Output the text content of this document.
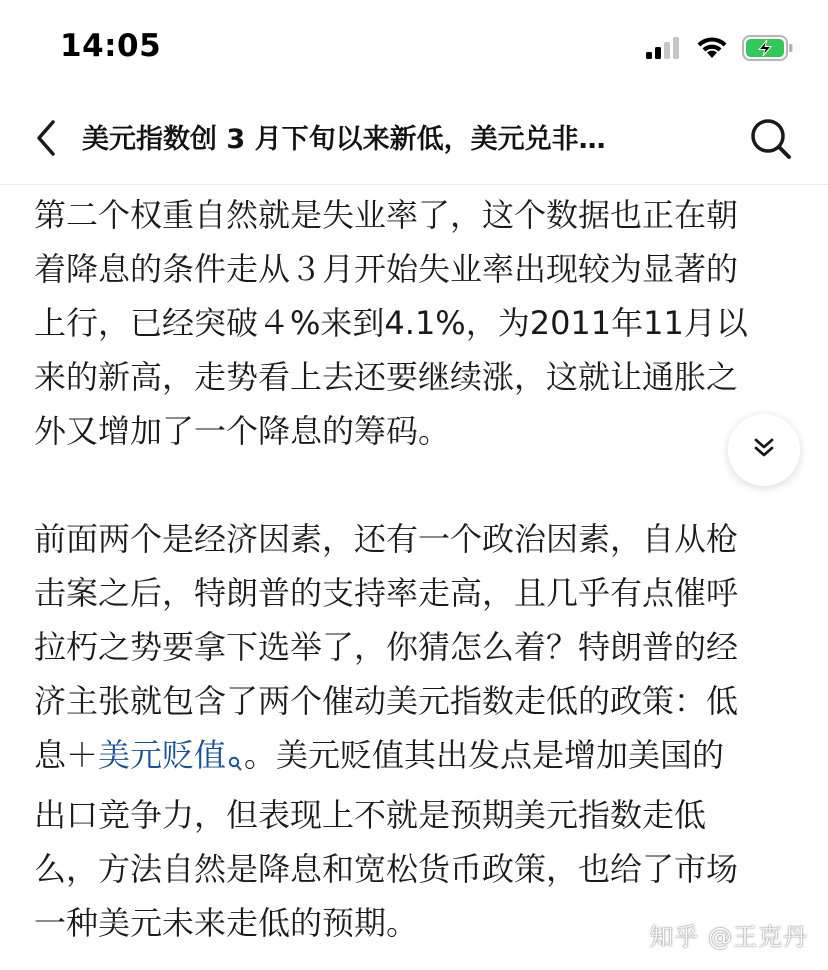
14:05
美元指数创 3 月下旬以来新低，美元兑非…

第二个权重自然就是失业率了，这个数据也正在朝
着降息的条件走从３月开始失业率出现较为显著的
上行，已经突破４%来到4.1%，为2011年11月以
来的新高，走势看上去还要继续涨，这就让通胀之
外又增加了一个降息的筹码。

前面两个是经济因素，还有一个政治因素，自从枪
击案之后，特朗普的支持率走高，且几乎有点催呼
拉朽之势要拿下选举了，你猜怎么着？特朗普的经
济主张就包含了两个催动美元指数走低的政策：低
息＋美元贬值 。美元贬值其出发点是增加美国的
出口竞争力，但表现上不就是预期美元指数走低
么，方法自然是降息和宽松货币政策，也给了市场
一种美元未来走低的预期。	知乎 @王克丹
